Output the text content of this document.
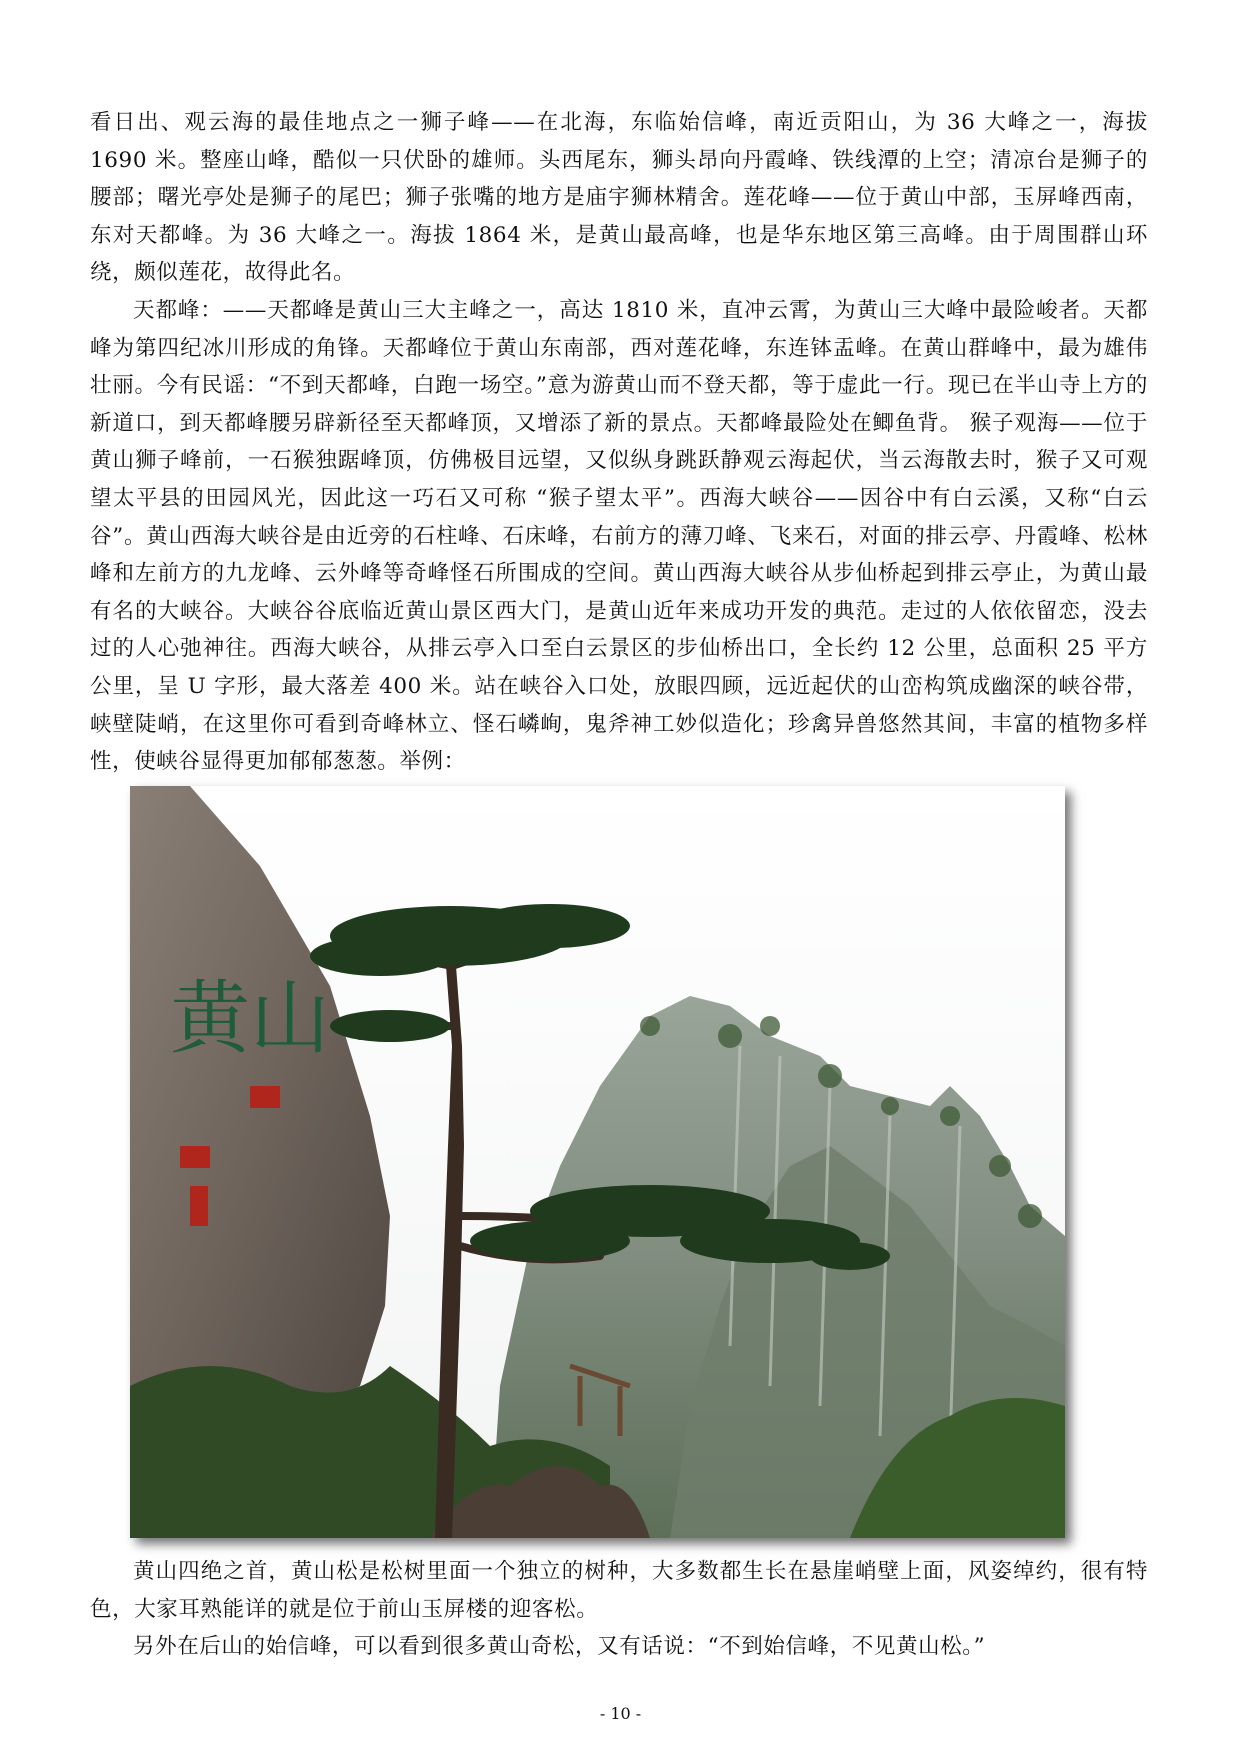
看日出、观云海的最佳地点之一狮子峰——在北海，东临始信峰，南近贡阳山，为 36 大峰之一，海拔 1690 米。整座山峰，酷似一只伏卧的雄师。头西尾东，狮头昂向丹霞峰、铁线潭的上空；清凉台是狮子的腰部；曙光亭处是狮子的尾巴；狮子张嘴的地方是庙宇狮林精舍。莲花峰——位于黄山中部，玉屏峰西南，东对天都峰。为 36 大峰之一。海拔 1864 米，是黄山最高峰，也是华东地区第三高峰。由于周围群山环绕，颇似莲花，故得此名。

天都峰：——天都峰是黄山三大主峰之一，高达 1810 米，直冲云霄，为黄山三大峰中最险峻者。天都峰为第四纪冰川形成的角锋。天都峰位于黄山东南部，西对莲花峰，东连钵盂峰。在黄山群峰中，最为雄伟壮丽。今有民谣：“不到天都峰，白跑一场空。”意为游黄山而不登天都，等于虚此一行。现已在半山寺上方的新道口，到天都峰腰另辟新径至天都峰顶，又增添了新的景点。天都峰最险处在鲫鱼背。 猴子观海——位于黄山狮子峰前，一石猴独踞峰顶，仿佛极目远望，又似纵身跳跃静观云海起伏，当云海散去时，猴子又可观望太平县的田园风光，因此这一巧石又可称 “猴子望太平”。西海大峡谷——因谷中有白云溪，又称“白云谷”。黄山西海大峡谷是由近旁的石柱峰、石床峰，右前方的薄刀峰、飞来石，对面的排云亭、丹霞峰、松林峰和左前方的九龙峰、云外峰等奇峰怪石所围成的空间。黄山西海大峡谷从步仙桥起到排云亭止，为黄山最有名的大峡谷。大峡谷谷底临近黄山景区西大门，是黄山近年来成功开发的典范。走过的人依依留恋，没去过的人心弛神往。西海大峡谷，从排云亭入口至白云景区的步仙桥出口，全长约 12 公里，总面积 25 平方公里，呈 U 字形，最大落差 400 米。站在峡谷入口处，放眼四顾，远近起伏的山峦构筑成幽深的峡谷带，峡壁陡峭，在这里你可看到奇峰林立、怪石嶙峋，鬼斧神工妙似造化；珍禽异兽悠然其间，丰富的植物多样性，使峡谷显得更加郁郁葱葱。举例：

黄山

黄山四绝之首，黄山松是松树里面一个独立的树种，大多数都生长在悬崖峭壁上面，风姿绰约，很有特色，大家耳熟能详的就是位于前山玉屏楼的迎客松。

另外在后山的始信峰，可以看到很多黄山奇松，又有话说：“不到始信峰，不见黄山松。”

- 10 -
